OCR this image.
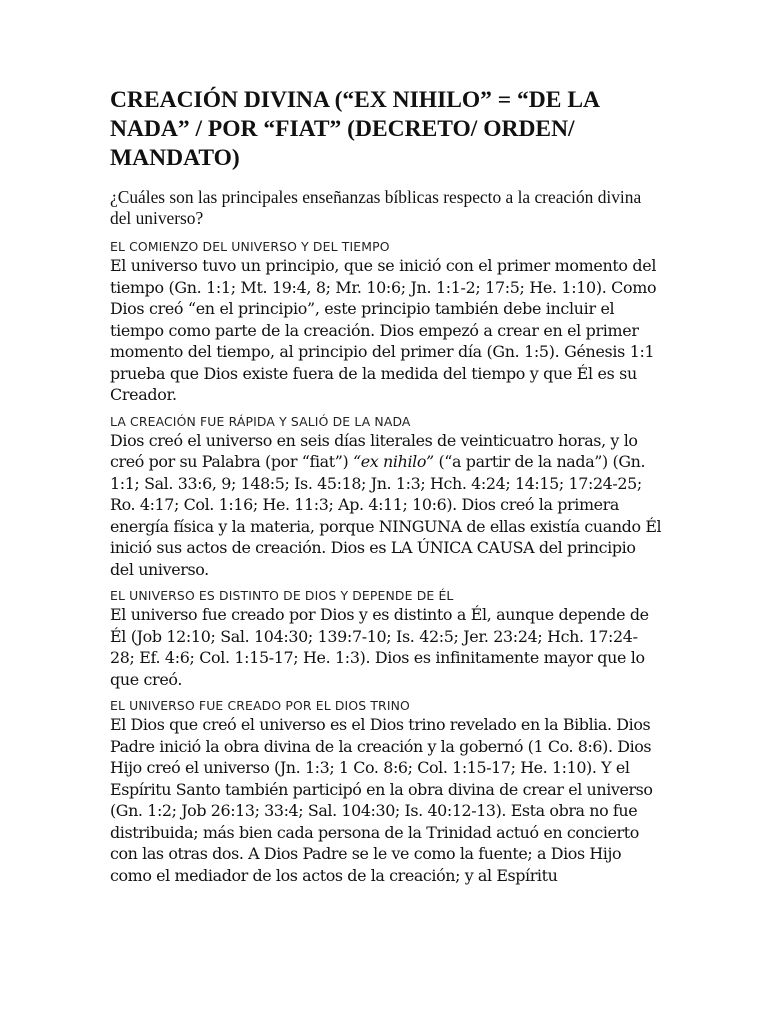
CREACIÓN DIVINA (“EX NIHILO” = “DE LA NADA” / POR “FIAT” (DECRETO/ ORDEN/ MANDATO)

¿Cuáles son las principales enseñanzas bíblicas respecto a la creación divina del universo?

EL COMIENZO DEL UNIVERSO Y DEL TIEMPO

El universo tuvo un principio, que se inició con el primer momento del tiempo (Gn. 1:1; Mt. 19:4, 8; Mr. 10:6; Jn. 1:1-2; 17:5; He. 1:10). Como Dios creó “en el principio”, este principio también debe incluir el tiempo como parte de la creación. Dios empezó a crear en el primer momento del tiempo, al principio del primer día (Gn. 1:5). Génesis 1:1 prueba que Dios existe fuera de la medida del tiempo y que Él es su Creador.

LA CREACIÓN FUE RÁPIDA Y SALIÓ DE LA NADA

Dios creó el universo en seis días literales de veinticuatro horas, y lo creó por su Palabra (por “fiat”) “ex nihilo” (“a partir de la nada”) (Gn. 1:1; Sal. 33:6, 9; 148:5; Is. 45:18; Jn. 1:3; Hch. 4:24; 14:15; 17:24-25; Ro. 4:17; Col. 1:16; He. 11:3; Ap. 4:11; 10:6). Dios creó la primera energía física y la materia, porque NINGUNA de ellas existía cuando Él inició sus actos de creación. Dios es LA ÚNICA CAUSA del principio del universo.

EL UNIVERSO ES DISTINTO DE DIOS Y DEPENDE DE ÉL

El universo fue creado por Dios y es distinto a Él, aunque depende de Él (Job 12:10; Sal. 104:30; 139:7-10; Is. 42:5; Jer. 23:24; Hch. 17:24-28; Ef. 4:6; Col. 1:15-17; He. 1:3). Dios es infinitamente mayor que lo que creó.

EL UNIVERSO FUE CREADO POR EL DIOS TRINO

El Dios que creó el universo es el Dios trino revelado en la Biblia. Dios Padre inició la obra divina de la creación y la gobernó (1 Co. 8:6). Dios Hijo creó el universo (Jn. 1:3; 1 Co. 8:6; Col. 1:15-17; He. 1:10). Y el Espíritu Santo también participó en la obra divina de crear el universo (Gn. 1:2; Job 26:13; 33:4; Sal. 104:30; Is. 40:12-13). Esta obra no fue distribuida; más bien cada persona de la Trinidad actuó en concierto con las otras dos. A Dios Padre se le ve como la fuente; a Dios Hijo como el mediador de los actos de la creación; y al Espíritu
